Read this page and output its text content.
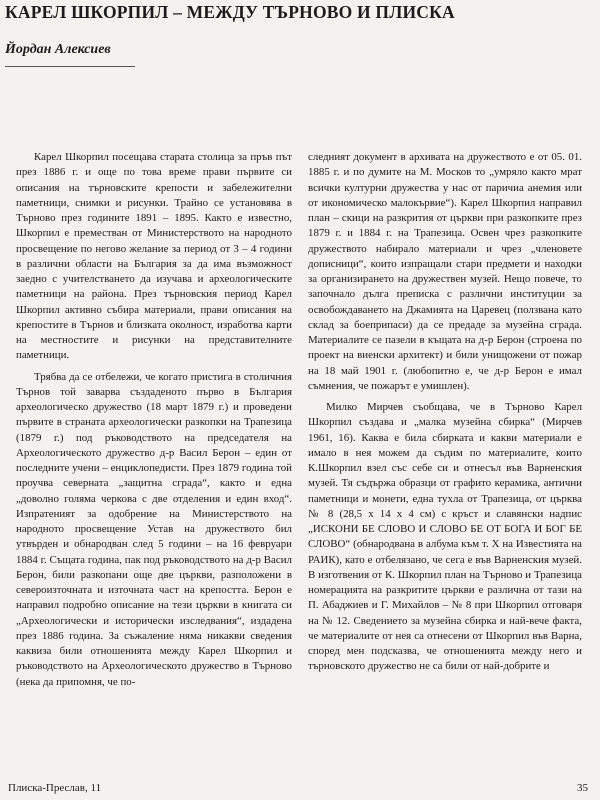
КАРЕЛ ШКОРПИЛ – МЕЖДУ ТЪРНОВО И ПЛИСКА
Йордан Алексиев

Карел Шкорпил посещава старата столица за пръв път през 1886 г. и още по това време прави първите си описания на търновските крепости и забележителни паметници, снимки и рисунки. Трайно се установява в Търново през годините 1891 – 1895. Както е известно, Шкорпил е преместван от Министерството на народното просвещение по негово желание за период от 3 – 4 години в различни области на България за да има възможност заедно с учителстването да изучава и археологическите паметници на района. През търновския период Карел Шкорпил активно събира материали, прави описания на крепостите в Търнов и близката околност, изработва карти на местностите и рисунки на представителните паметници.

Трябва да се отбележи, че когато пристига в столичния Търнов той заварва създаденото първо в България археологическо дружество (18 март 1879 г.) и проведени първите в страната археологически разкопки на Трапезица (1879 г.) под ръководството на председателя на Археологическото дружество д-р Васил Берон – един от последните учени – енциклопедисти. През 1879 година той проучва северната „защитна сграда“, както и една „доволно голяма черкова с две отделения и един вход“. Изпратеният за одобрение на Министерството на народното просвещение Устав на дружеството бил утвърден и обнародван след 5 години – на 16 февруари 1884 г. Същата година, пак под ръководството на д-р Васил Берон, били разкопани още две църкви, разположени в североизточната и източната част на крепостта. Берон е направил подробно описание на тези църкви в книгата си „Археологически и исторически изследвания“, издадена през 1886 година. За съжаление няма никакви сведения каквиза били отношенията между Карел Шкорпил и ръководството на Археологическото дружество в Търново (нека да припомня, че по-

следният документ в архивата на дружеството е от 05. 01. 1885 г. и по думите на М. Москов то „умряло както мрат всички културни дружества у нас от паричиа анемия или от икономическо малокървие“). Карел Шкорпил направил план – скици на разкрития от църкви при разкопките през 1879 г. и 1884 г. на Трапезица. Освен чрез разкопките дружеството набирало материали и чрез „членовете дописници“, които изпращали стари предмети и находки за организирането на дружествен музей. Нещо повече, то започнало дълга преписка с различни институции за освобождаването на Джамията на Царевец (ползвана като склад за боеприпаси) да се предаде за музейна сграда. Материалите се пазели в къщата на д-р Берон (строена по проект на виенски архитект) и били унищожени от пожар на 18 май 1901 г. (любопитно е, че д-р Берон е имал съмнения, че пожарът е умишлен).

Милко Мирчев съобщава, че в Търново Карел Шкорпил създава и „малка музейна сбирка“ (Мирчев 1961, 16). Каква е била сбирката и какви материали е имало в нея можем да съдим по материалите, които К.Шкорпил взел със себе си и отнесъл във Варненския музей. Тя съдържа образци от графито керамика, антични паметници и монети, една тухла от Трапезица, от църква № 8 (28,5 х 14 х 4 см) с кръст и славянски надпис „ИСКОНИ БЕ СЛОВО И СЛОВО БЕ ОТ БОГА И БОГ БЕ СЛОВО“ (обнародвана в албума към т. Х на Известията на РАИК), като е отбелязано, че сега е във Варненския музей. В изготвения от К. Шкорпил план на Търново и Трапезица номерацията на разкритите църкви е различна от тази на П. Абаджиев и Г. Михайлов – № 8 при Шкорпил отговаря на № 12. Сведението за музейна сбирка и най-вече факта, че материалите от нея са отнесени от Шкорпил във Варна, според мен подсказва, че отношенията между него и търновското дружество не са били от най-добрите и

Плиска-Преслав, 11	35
